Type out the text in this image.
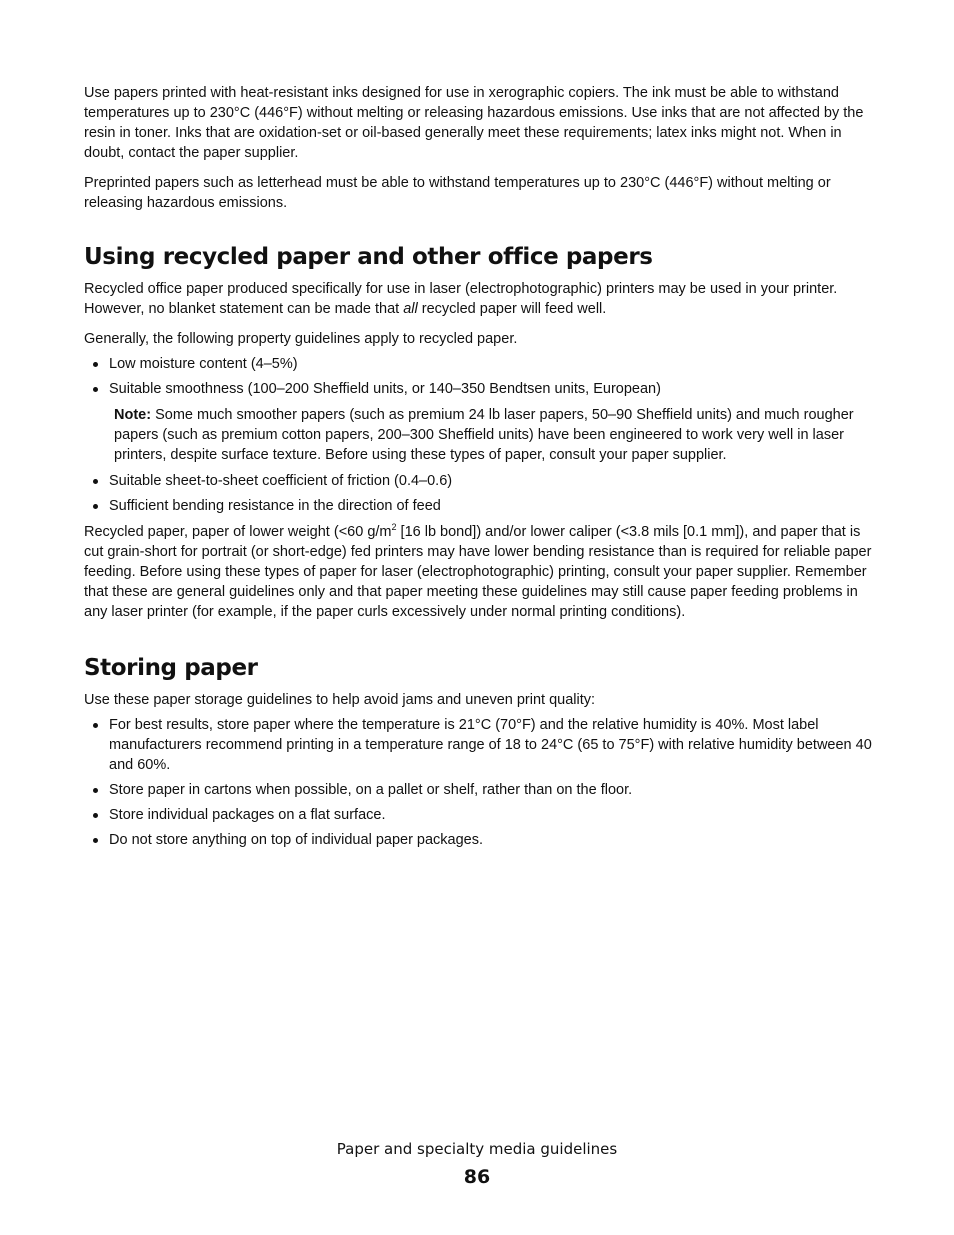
Use papers printed with heat-resistant inks designed for use in xerographic copiers. The ink must be able to withstand temperatures up to 230°C (446°F) without melting or releasing hazardous emissions. Use inks that are not affected by the resin in toner. Inks that are oxidation-set or oil-based generally meet these requirements; latex inks might not. When in doubt, contact the paper supplier.

Preprinted papers such as letterhead must be able to withstand temperatures up to 230°C (446°F) without melting or releasing hazardous emissions.

Using recycled paper and other office papers

Recycled office paper produced specifically for use in laser (electrophotographic) printers may be used in your printer. However, no blanket statement can be made that all recycled paper will feed well.

Generally, the following property guidelines apply to recycled paper.

Low moisture content (4–5%)
Suitable smoothness (100–200 Sheffield units, or 140–350 Bendtsen units, European)

Note: Some much smoother papers (such as premium 24 lb laser papers, 50–90 Sheffield units) and much rougher papers (such as premium cotton papers, 200–300 Sheffield units) have been engineered to work very well in laser printers, despite surface texture. Before using these types of paper, consult your paper supplier.

Suitable sheet-to-sheet coefficient of friction (0.4–0.6)
Sufficient bending resistance in the direction of feed

Recycled paper, paper of lower weight (<60 $g/m^2$ [16 lb bond]) and/or lower caliper (<3.8 mils [0.1 mm]), and paper that is cut grain-short for portrait (or short-edge) fed printers may have lower bending resistance than is required for reliable paper feeding. Before using these types of paper for laser (electrophotographic) printing, consult your paper supplier. Remember that these are general guidelines only and that paper meeting these guidelines may still cause paper feeding problems in any laser printer (for example, if the paper curls excessively under normal printing conditions).

Storing paper

Use these paper storage guidelines to help avoid jams and uneven print quality:

For best results, store paper where the temperature is 21°C (70°F) and the relative humidity is 40%. Most label manufacturers recommend printing in a temperature range of 18 to 24°C (65 to 75°F) with relative humidity between 40 and 60%.
Store paper in cartons when possible, on a pallet or shelf, rather than on the floor.
Store individual packages on a flat surface.
Do not store anything on top of individual paper packages.
Paper and specialty media guidelines
86
